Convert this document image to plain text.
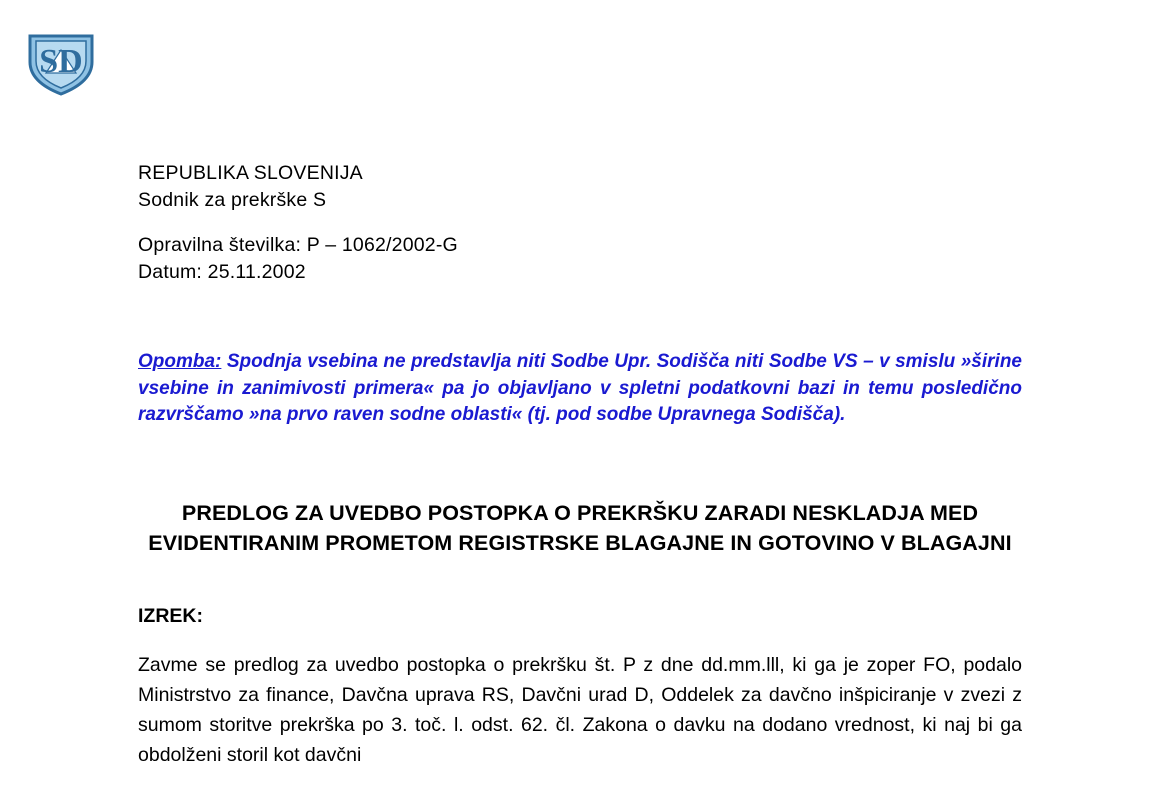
SD
REPUBLIKA SLOVENIJA
Sodnik za prekrške S
Opravilna številka: P – 1062/2002-G
Datum: 25.11.2002

Opomba: Spodnja vsebina ne predstavlja niti Sodbe Upr. Sodišča niti Sodbe VS – v smislu »širine vsebine in zanimivosti primera« pa jo objavljano v spletni podatkovni bazi in temu posledično razvrščamo »na prvo raven sodne oblasti« (tj. pod sodbe Upravnega Sodišča).

PREDLOG ZA UVEDBO POSTOPKA O PREKRŠKU ZARADI NESKLADJA MED EVIDENTIRANIM PROMETOM REGISTRSKE BLAGAJNE IN GOTOVINO V BLAGAJNI
IZREK:

Zavme se predlog za uvedbo postopka o prekršku št. P z dne dd.mm.lll, ki ga je zoper FO, podalo Ministrstvo za finance, Davčna uprava RS, Davčni urad D, Oddelek za davčno inšpiciranje v zvezi z sumom storitve prekrška po 3. toč. l. odst. 62. čl. Zakona o davku na dodano vrednost, ki naj bi ga obdolženi storil kot davčni
